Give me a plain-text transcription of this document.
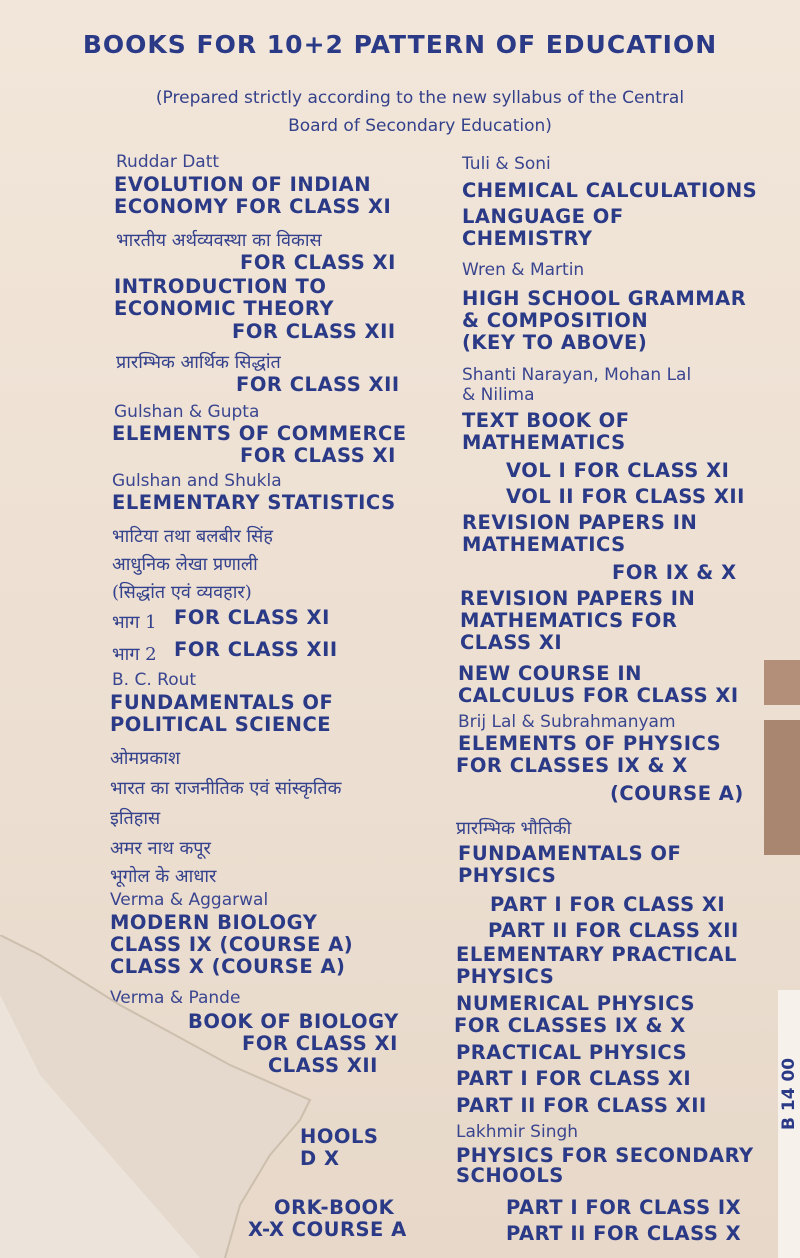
BOOKS FOR 10+2 PATTERN OF EDUCATION
(Prepared strictly according to the new syllabus of the Central
Board of Secondary Education)
Ruddar Datt
EVOLUTION OF INDIAN
ECONOMY FOR CLASS XI
भारतीय अर्थव्यवस्था का विकास
FOR CLASS XI
INTRODUCTION TO
ECONOMIC THEORY
FOR CLASS XII
प्रारम्भिक आर्थिक सिद्धांत
FOR CLASS XII
Gulshan & Gupta
ELEMENTS OF COMMERCE
FOR CLASS XI
Gulshan and Shukla
ELEMENTARY STATISTICS
भाटिया तथा बलबीर सिंह
आधुनिक लेखा प्रणाली
(सिद्धांत एवं व्यवहार)
भाग 1 FOR CLASS XI
भाग 2 FOR CLASS XII
B. C. Rout
FUNDAMENTALS OF
POLITICAL SCIENCE
ओमप्रकाश
भारत का राजनीतिक एवं सांस्कृतिक
इतिहास
अमर नाथ कपूर
भूगोल के आधार
Verma & Aggarwal
MODERN BIOLOGY
CLASS IX (COURSE A)
CLASS X (COURSE A)
Verma & Pande
BOOK OF BIOLOGY
FOR CLASS XI
CLASS XII
HOOLS
D X
ORK-BOOK
X-X COURSE A
Tuli & Soni
CHEMICAL CALCULATIONS
LANGUAGE OF
CHEMISTRY
Wren & Martin
HIGH SCHOOL GRAMMAR
& COMPOSITION
(KEY TO ABOVE)
Shanti Narayan, Mohan Lal
& Nilima
TEXT BOOK OF
MATHEMATICS
VOL I FOR CLASS XI
VOL II FOR CLASS XII
REVISION PAPERS IN
MATHEMATICS
FOR IX & X
REVISION PAPERS IN
MATHEMATICS FOR
CLASS XI
NEW COURSE IN
CALCULUS FOR CLASS XI
Brij Lal & Subrahmanyam
ELEMENTS OF PHYSICS
FOR CLASSES IX & X
(COURSE A)
प्रारम्भिक भौतिकी
FUNDAMENTALS OF
PHYSICS
PART I FOR CLASS XI
PART II FOR CLASS XII
ELEMENTARY PRACTICAL
PHYSICS
NUMERICAL PHYSICS
FOR CLASSES IX & X
PRACTICAL PHYSICS
PART I FOR CLASS XI
PART II FOR CLASS XII
Lakhmir Singh
PHYSICS FOR SECONDARY
SCHOOLS
PART I FOR CLASS IX
PART II FOR CLASS X
B 14 00
